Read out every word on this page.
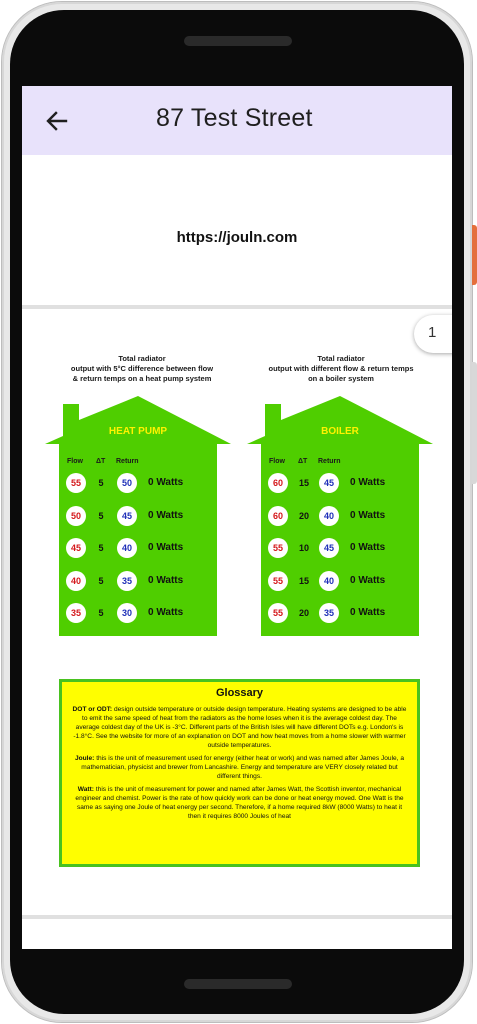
87 Test Street
https://jouln.com
1
Total radiator
output with 5°C difference between flow
& return temps on a heat pump system
HEAT PUMP
Flow ΔT Return
55	5	50	0 Watts
50	5	45	0 Watts
45	5	40	0 Watts
40	5	35	0 Watts
35	5	30	0 Watts
Total radiator
output with different flow & return temps
on a boiler system
BOILER
Flow ΔT Return
60	15	45	0 Watts
60	20	40	0 Watts
55	10	45	0 Watts
55	15	40	0 Watts
55	20	35	0 Watts
Glossary

DOT or ODT: design outside temperature or outside design temperature. Heating systems are designed to be able to emit the same speed of heat from the radiators as the home loses when it is the average coldest day. The average coldest day of the UK is -3°C. Different parts of the British Isles will have different DOTs e.g. London's is -1.8°C. See the website for more of an explanation on DOT and how heat moves from a home slower with warmer outside temperatures.

Joule: this is the unit of measurement used for energy (either heat or work) and was named after James Joule, a mathematician, physicist and brewer from Lancashire. Energy and temperature are VERY closely related but different things.

Watt: this is the unit of measurement for power and named after James Watt, the Scottish inventor, mechanical engineer and chemist. Power is the rate of how quickly work can be done or heat energy moved. One Watt is the same as saying one Joule of heat energy per second. Therefore, if a home required 8kW (8000 Watts) to heat it then it requires 8000 Joules of heat
